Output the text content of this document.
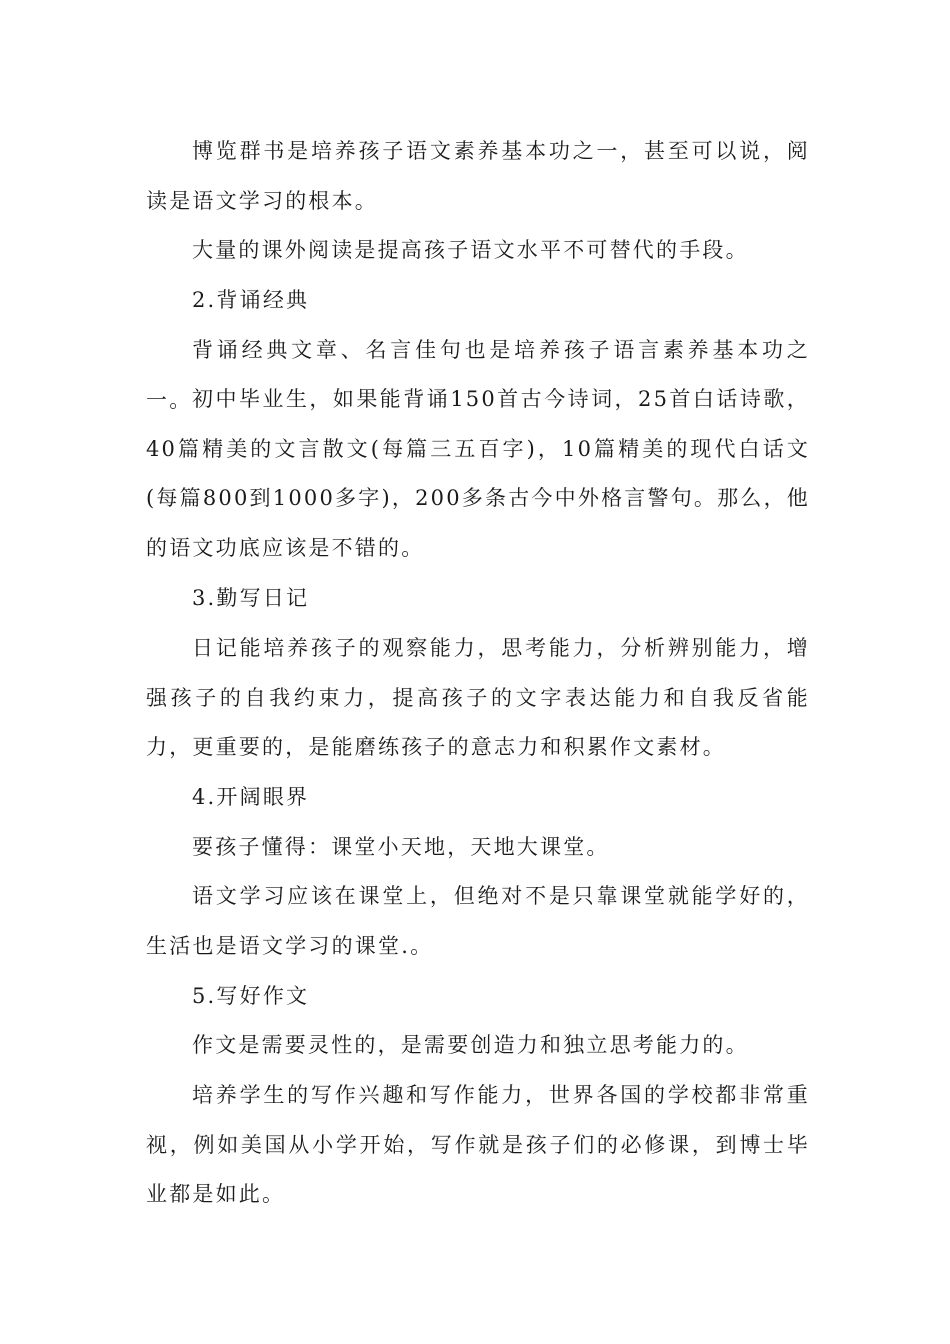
博览群书是培养孩子语文素养基本功之一，甚至可以说，阅读是语文学习的根本。

大量的课外阅读是提高孩子语文水平不可替代的手段。

2.背诵经典

背诵经典文章、名言佳句也是培养孩子语言素养基本功之一。 初中毕业生，如果能背诵150首古今诗词，25首白话诗歌，40篇精美的文言散文(每篇三五百字)，10篇精美的现代白话文(每篇800到1000多字)，200多条古今中外格言警句。那么，他的语文功底应该是不错的。

3.勤写日记

日记能培养孩子的观察能力，思考能力，分析辨别能力，增强孩子的自我约束力，提高孩子的文字表达能力和自我反省能力，更重要的，是能磨练孩子的意志力和积累作文素材。

4.开阔眼界

要孩子懂得：课堂小天地，天地大课堂。

语文学习应该在课堂上，但绝对不是只靠课堂就能学好的，生活也是语文学习的课堂.。

5.写好作文

作文是需要灵性的，是需要创造力和独立思考能力的。

培养学生的写作兴趣和写作能力，世界各国的学校都非常重视，例如美国从小学开始，写作就是孩子们的必修课，到博士毕业都是如此。
